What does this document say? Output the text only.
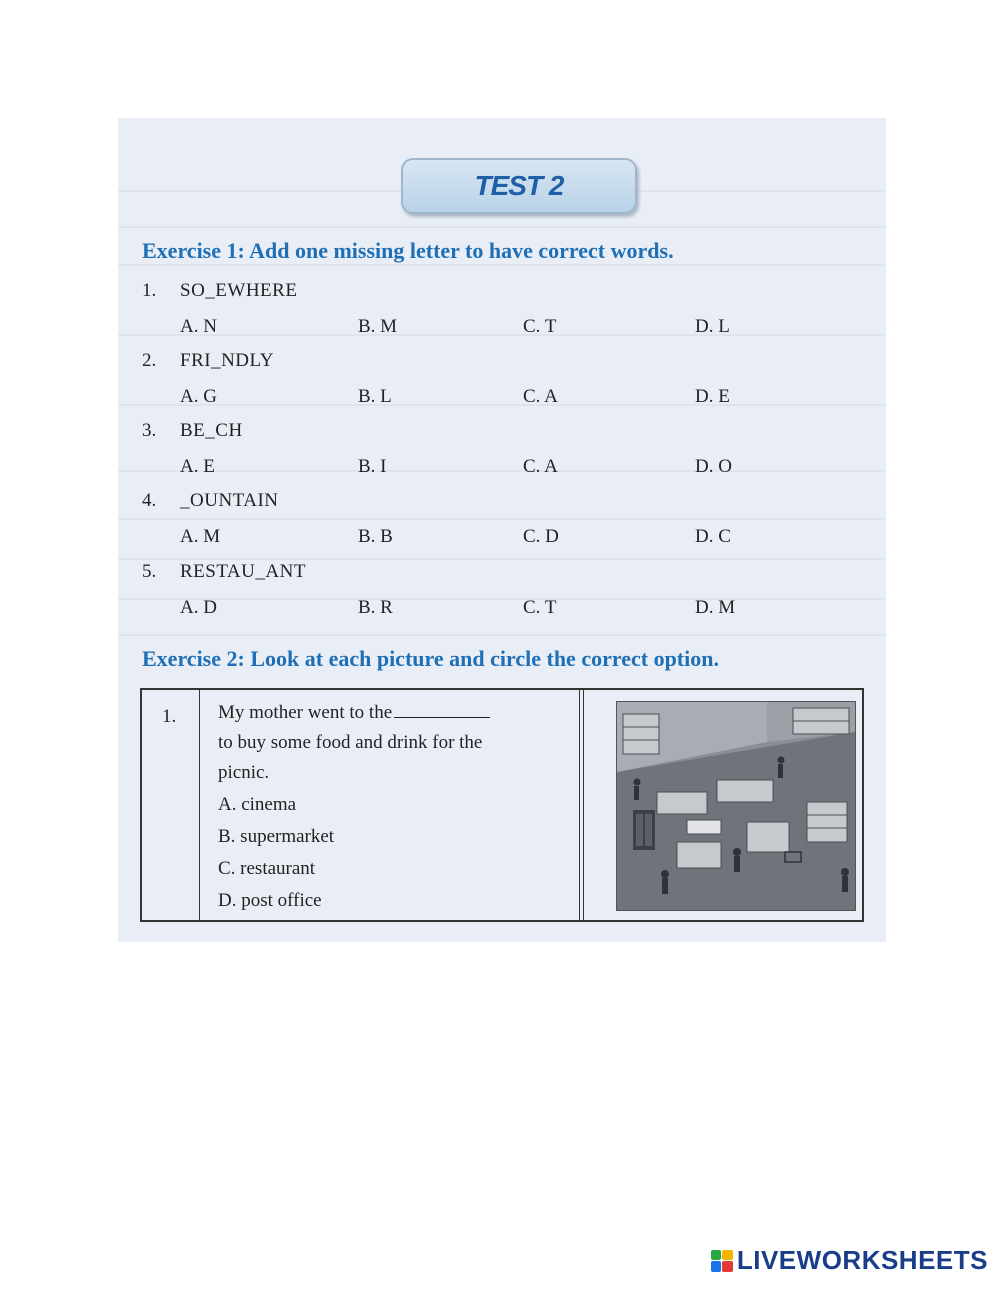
TEST 2
Exercise 1: Add one missing letter to have correct words.
1. SO_EWHERE
A. N	B. M	C. T	D. L
2. FRI_NDLY
A. G	B. L	C. A	D. E
3. BE_CH
A. E	B. I	C. A	D. O
4. _OUNTAIN
A. M	B. B	C. D	D. C
5. RESTAU_ANT
A. D	B. R	C. T	D. M
Exercise 2: Look at each picture and circle the correct option.
1. My mother went to the
to buy some food and drink for the
picnic.
A. cinema
B. supermarket
C. restaurant
D. post office
LIVEWORKSHEETS
